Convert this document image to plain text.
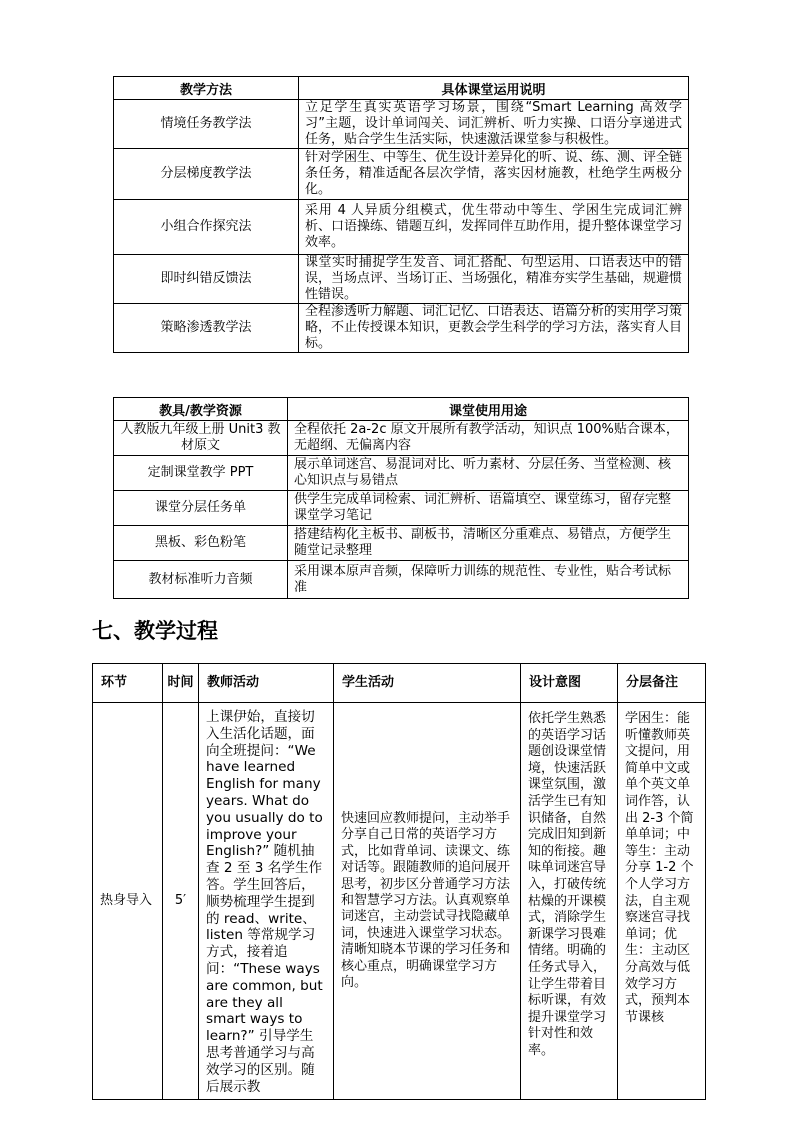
教学方法	具体课堂运用说明
情境任务教学法	立足学生真实英语学习场景，围绕“Smart Learning 高效学习”主题，设计单词闯关、词汇辨析、听力实操、口语分享递进式任务，贴合学生生活实际，快速激活课堂参与积极性。
分层梯度教学法	针对学困生、中等生、优生设计差异化的听、说、练、测、评全链条任务，精准适配各层次学情，落实因材施教，杜绝学生两极分化。
小组合作探究法	采用 4 人异质分组模式，优生带动中等生、学困生完成词汇辨析、口语操练、错题互纠，发挥同伴互助作用，提升整体课堂学习效率。
即时纠错反馈法	课堂实时捕捉学生发音、词汇搭配、句型运用、口语表达中的错误，当场点评、当场订正、当场强化，精准夯实学生基础，规避惯性错误。
策略渗透教学法	全程渗透听力解题、词汇记忆、口语表达、语篇分析的实用学习策略，不止传授课本知识，更教会学生科学的学习方法，落实育人目标。
教具/教学资源	课堂使用用途
人教版九年级上册 Unit3 教材原文	全程依托 2a-2c 原文开展所有教学活动，知识点 100%贴合课本，无超纲、无偏离内容
定制课堂教学 PPT	展示单词迷宫、易混词对比、听力素材、分层任务、当堂检测、核心知识点与易错点
课堂分层任务单	供学生完成单词检索、词汇辨析、语篇填空、课堂练习，留存完整课堂学习笔记
黑板、彩色粉笔	搭建结构化主板书、副板书，清晰区分重难点、易错点，方便学生随堂记录整理
教材标准听力音频	采用课本原声音频，保障听力训练的规范性、专业性，贴合考试标准
七、教学过程
环节	时间	教师活动	学生活动	设计意图	分层备注
热身导入	5′	上课伊始，直接切入生活化话题，面向全班提问：“We have learned English for many years. What do you usually do to improve your English?” 随机抽查 2 至 3 名学生作答。学生回答后，顺势梳理学生提到的 read、write、listen 等常规学习方式，接着追问：“These ways are common, but are they all smart ways to learn?” 引导学生思考普通学习与高效学习的区别。随后展示教	快速回应教师提问，主动举手分享自己日常的英语学习方式，比如背单词、读课文、练对话等。跟随教师的追问展开思考，初步区分普通学习方法和智慧学习方法。认真观察单词迷宫，主动尝试寻找隐藏单词，快速进入课堂学习状态。清晰知晓本节课的学习任务和核心重点，明确课堂学习方向。	依托学生熟悉的英语学习话题创设课堂情境，快速活跃课堂氛围，激活学生已有知识储备，自然完成旧知到新知的衔接。趣味单词迷宫导入，打破传统枯燥的开课模式，消除学生新课学习畏难情绪。明确的任务式导入，让学生带着目标听课，有效提升课堂学习针对性和效率。	学困生：能听懂教师英文提问，用简单中文或单个英文单词作答，认出 2-3 个简单单词；中等生：主动分享 1-2 个个人学习方法，自主观察迷宫寻找单词；优生：主动区分高效与低效学习方式，预判本节课核
